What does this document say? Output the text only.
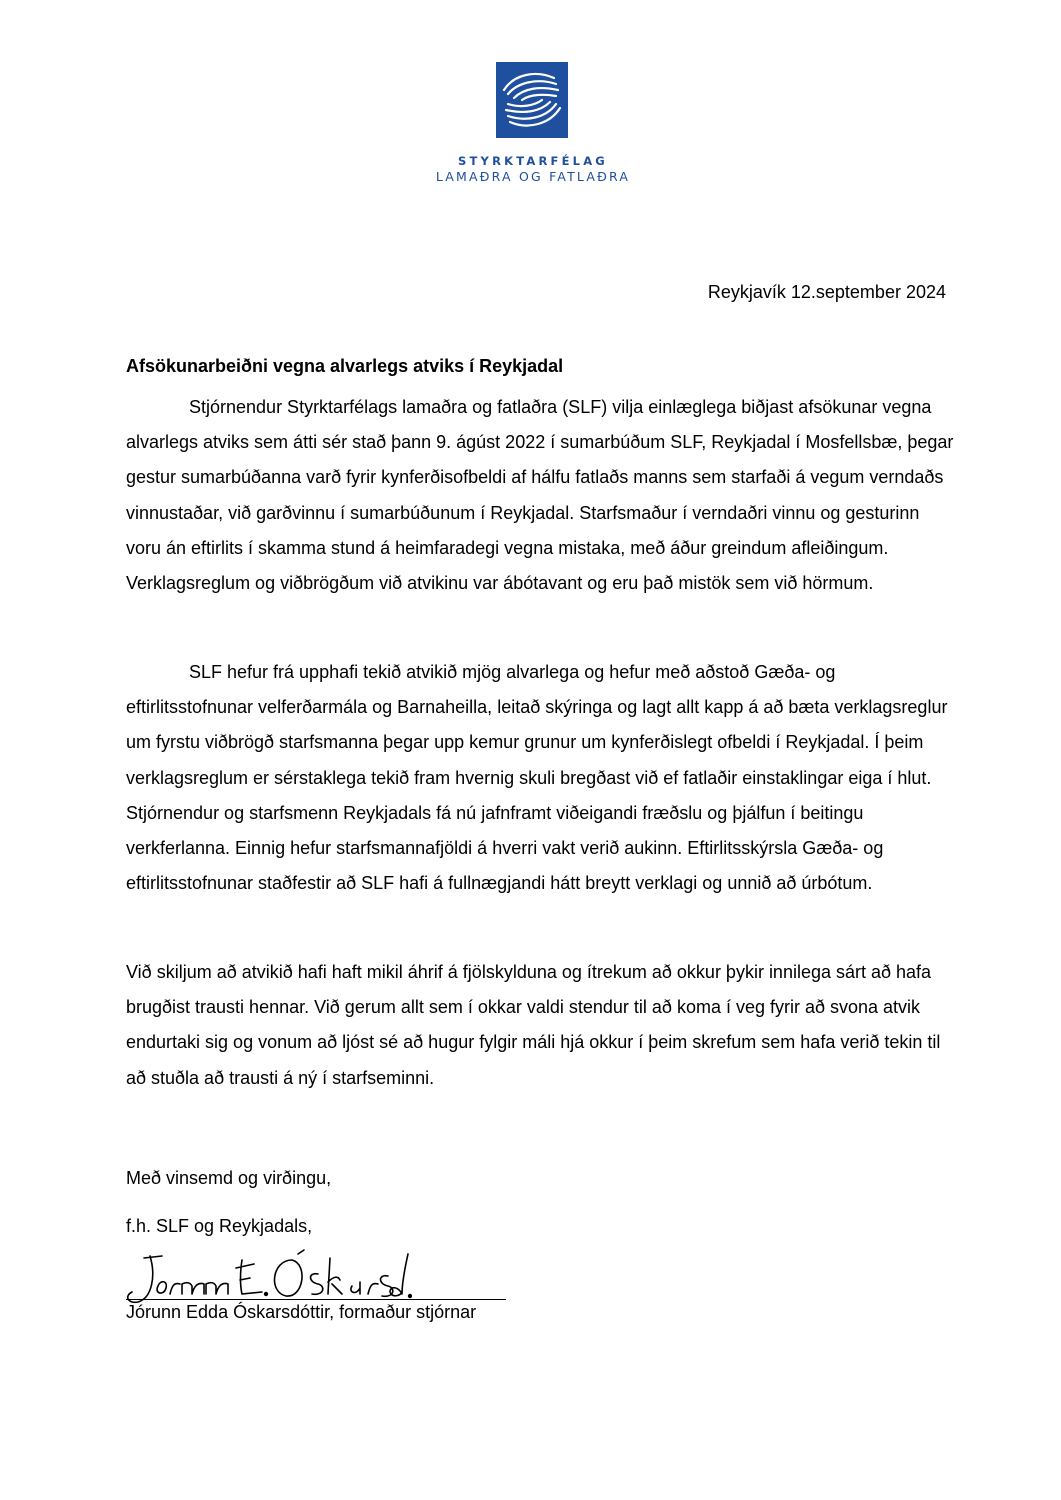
STYRKTARFÉLAG
LAMAÐRA OG FATLAÐRA
Reykjavík 12.september 2024
Afsökunarbeiðni vegna alvarlegs atviks í Reykjadal

Stjórnendur Styrktarfélags lamaðra og fatlaðra (SLF) vilja einlæglega biðjast afsökunar vegna alvarlegs atviks sem átti sér stað þann 9. ágúst 2022 í sumarbúðum SLF, Reykjadal í Mosfellsbæ, þegar gestur sumarbúðanna varð fyrir kynferðisofbeldi af hálfu fatlaðs manns sem starfaði á vegum verndaðs vinnustaðar, við garðvinnu í sumarbúðunum í Reykjadal. Starfsmaður í verndaðri vinnu og gesturinn voru án eftirlits í skamma stund á heimfaradegi vegna mistaka, með áður greindum afleiðingum. Verklagsreglum og viðbrögðum við atvikinu var ábótavant og eru það mistök sem við hörmum.

SLF hefur frá upphafi tekið atvikið mjög alvarlega og hefur með aðstoð Gæða- og eftirlitsstofnunar velferðarmála og Barnaheilla, leitað skýringa og lagt allt kapp á að bæta verklagsreglur um fyrstu viðbrögð starfsmanna þegar upp kemur grunur um kynferðislegt ofbeldi í Reykjadal. Í þeim verklagsreglum er sérstaklega tekið fram hvernig skuli bregðast við ef fatlaðir einstaklingar eiga í hlut. Stjórnendur og starfsmenn Reykjadals fá nú jafnframt viðeigandi fræðslu og þjálfun í beitingu verkferlanna. Einnig hefur starfsmannafjöldi á hverri vakt verið aukinn. Eftirlitsskýrsla Gæða- og eftirlitsstofnunar staðfestir að SLF hafi á fullnægjandi hátt breytt verklagi og unnið að úrbótum.

Við skiljum að atvikið hafi haft mikil áhrif á fjölskylduna og ítrekum að okkur þykir innilega sárt að hafa brugðist trausti hennar. Við gerum allt sem í okkar valdi stendur til að koma í veg fyrir að svona atvik endurtaki sig og vonum að ljóst sé að hugur fylgir máli hjá okkur í þeim skrefum sem hafa verið tekin til að stuðla að trausti á ný í starfseminni.

Með vinsemd og virðingu,
f.h. SLF og Reykjadals,
Jórunn Edda Óskarsdóttir, formaður stjórnar
